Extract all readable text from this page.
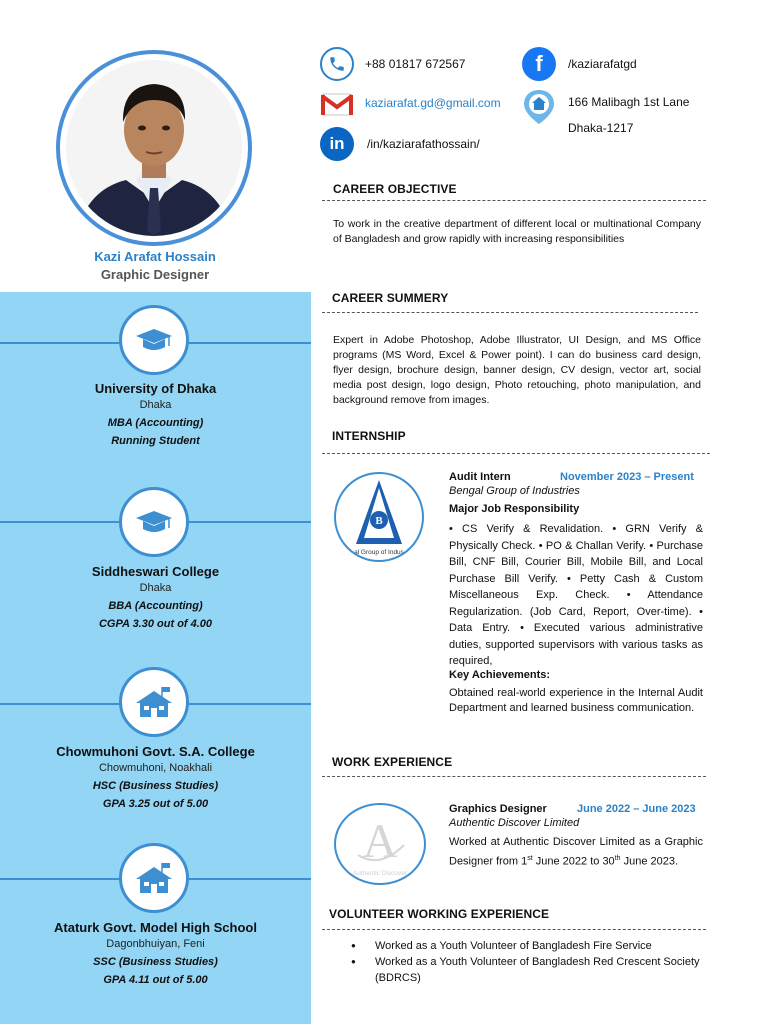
Kazi Arafat Hossain
Graphic Designer
University of Dhaka
Dhaka
MBA (Accounting)
Running Student
Siddheswari College
Dhaka
BBA (Accounting)
CGPA 3.30 out of 4.00
Chowmuhoni Govt. S.A. College
Chowmuhoni, Noakhali
HSC (Business Studies)
GPA 3.25 out of 5.00
Ataturk Govt. Model High School
Dagonbhuiyan, Feni
SSC (Business Studies)
GPA 4.11 out of 5.00
+88 01817 672567
kaziarafat.gd@gmail.com
in /in/kaziarafathossain/
f /kaziarafatgd
166 Malibagh 1st Lane
Dhaka-1217
CAREER OBJECTIVE
To work in the creative department of different local or multinational Company of Bangladesh and grow rapidly with increasing responsibilities
CAREER SUMMERY
Expert in Adobe Photoshop, Adobe Illustrator, UI Design, and MS Office programs (MS Word, Excel & Power point). I can do business card design, flyer design, brochure design, banner design, CV design, vector art, social media post design, logo design, Photo retouching, photo manipulation, and background remove from images.
INTERNSHIP
B
al Group of Indus
Audit Intern	November 2023 – Present
Bengal Group of Industries
Major Job Responsibility
• CS Verify & Revalidation. • GRN Verify & Physically Check. • PO & Challan Verify. • Purchase Bill, CNF Bill, Courier Bill, Mobile Bill, and Local Purchase Bill Verify. • Petty Cash & Custom Miscellaneous Exp. Check. • Attendance Regularization. (Job Card, Report, Over-time). • Data Entry. • Executed various administrative duties, supported supervisors with various tasks as required,
Key Achievements:
Obtained real-world experience in the Internal Audit Department and learned business communication.
WORK EXPERIENCE
A
Authentic Discover
Graphics Designer	June 2022 – June 2023
Authentic Discover Limited
Worked at Authentic Discover Limited as a Graphic Designer from 1st June 2022 to 30th June 2023.
VOLUNTEER WORKING EXPERIENCE
● Worked as a Youth Volunteer of Bangladesh Fire Service
● Worked as a Youth Volunteer of Bangladesh Red Crescent Society (BDRCS)
